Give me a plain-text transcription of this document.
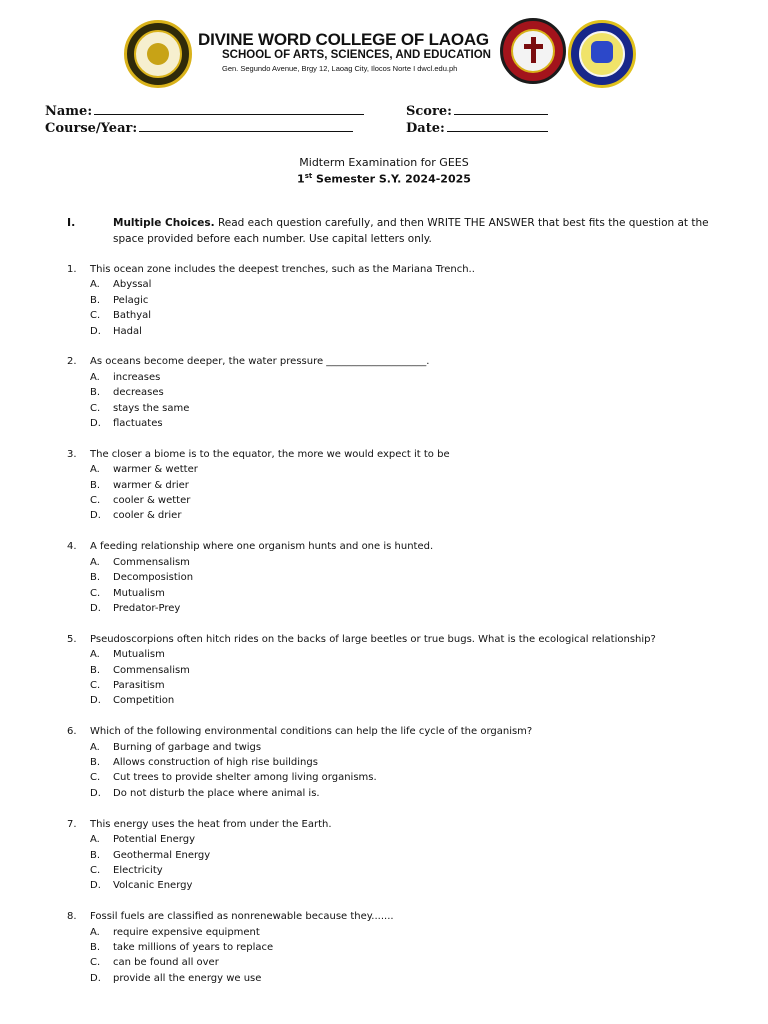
DIVINE WORD COLLEGE OF LAOAG
SCHOOL OF ARTS, SCIENCES, AND EDUCATION
Gen. Segundo Avenue, Brgy 12, Laoag City, Ilocos Norte I dwcl.edu.ph
Name:
Course/Year:
Score:
Date:
Midterm Examination for GEES
1st Semester S.Y. 2024-2025
I.	Multiple Choices. Read each question carefully, and then WRITE THE ANSWER that best fits the question at the space provided before each number. Use capital letters only.
1. This ocean zone includes the deepest trenches, such as the Mariana Trench..
A. Abyssal
B. Pelagic
C. Bathyal
D. Hadal
2. As oceans become deeper, the water pressure ____________________.
A. increases
B. decreases
C. stays the same
D. flactuates
3. The closer a biome is to the equator, the more we would expect it to be
A. warmer & wetter
B. warmer & drier
C. cooler & wetter
D. cooler & drier
4. A feeding relationship where one organism hunts and one is hunted.
A. Commensalism
B. Decomposіstion
C. Mutualism
D. Predator-Prey
5. Pseudoscorpions often hitch rides on the backs of large beetles or true bugs. What is the ecological relationship?
A. Mutualism
B. Commensalism
C. Parasitism
D. Competition
6. Which of the following environmental conditions can help the life cycle of the organism?
A. Burning of garbage and twigs
B. Allows construction of high rise buildings
C. Cut trees to provide shelter among living organisms.
D. Do not disturb the place where animal is.
7. This energy uses the heat from under the Earth.
A. Potential Energy
B. Geothermal Energy
C. Electricity
D. Volcanic Energy
8. Fossil fuels are classified as nonrenewable because they.......
A. require expensive equipment
B. take millions of years to replace
C. can be found all over
D. provide all the energy we use
